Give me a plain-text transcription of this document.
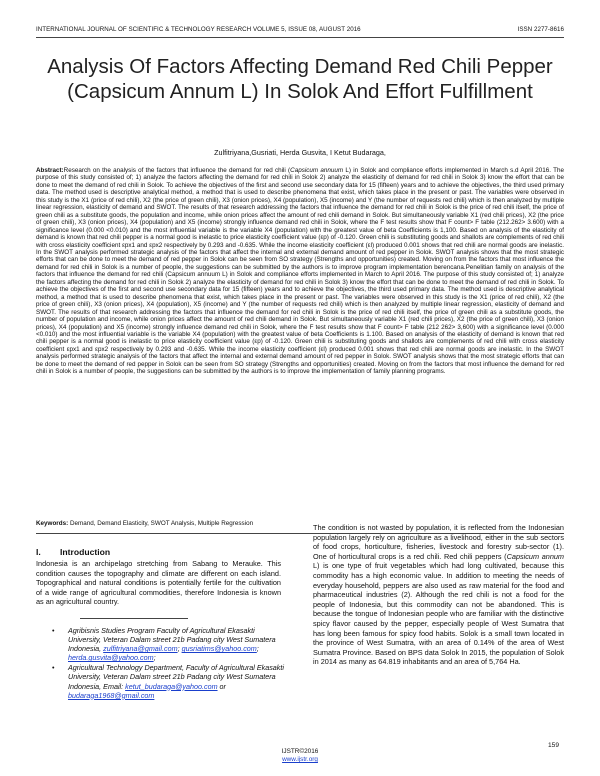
INTERNATIONAL JOURNAL OF SCIENTIFIC & TECHNOLOGY RESEARCH VOLUME 5, ISSUE 08, AUGUST 2016	ISSN 2277-8616
Analysis Of Factors Affecting Demand Red Chili Pepper (Capsicum Annum L) In Solok And Effort Fulfillment
Zulfitriyana,Gusriati, Herda Gusvita, I Ketut Budaraga,

Abstract:Research on the analysis of the factors that influence the demand for red chili (Capsicum annuum L) in Solok and compliance efforts implemented in March s.d April 2016. The purpose of this study consisted of; 1) analyze the factors affecting the demand for red chili in Solok 2) analyze the elasticity of demand for red chili in Solok 3) know the effort that can be done to meet the demand of red chili in Solok. To achieve the objectives of the first and second use secondary data for 15 (fifteen) years and to achieve the objectives, the third used primary data. The method used is descriptive analytical method, a method that is used to describe phenomena that exist, which takes place in the present or past. The variables were observed in this study is the X1 (price of red chili), X2 (the price of green chili), X3 (onion prices), X4 (population), X5 (income) and Y (the number of requests red chili) which is then analyzed by multiple linear regression, elasticity of demand and SWOT. The results of that research addressing the factors that influence the demand for red chili in Solok is the price of red chili itself, the price of green chili as a substitute goods, the population and income, while onion prices affect the amount of red chili demand in Solok. But simultaneously variable X1 (red chili prices), X2 (the price of green chili), X3 (onion prices), X4 (population) and X5 (income) strongly influence demand red chili in Solok, where the F test results show that F count> F table (212.262> 3.600) with a significance level (0.000 <0.010) and the most influential variable is the variable X4 (population) with the greatest value of beta Coefficients is 1,100. Based on analysis of the elasticity of demand is known that red chili pepper is a normal good is inelastic to price elasticity coefficient value (εp) of -0.120. Green chili is substituting goods and shallots are complements of red chili with cross elasticity coefficient εpx1 and εpx2 respectively by 0.293 and -0.635. While the income elasticity coefficient (εl) produced 0.001 shows that red chili are normal goods are inelastic. In the SWOT analysis performed strategic analysis of the factors that affect the internal and external demand amount of red pepper in Solok. SWOT analysis shows that the most strategic efforts that can be done to meet the demand of red pepper in Solok can be seen from SO strategy (Strengths and opportunities) created. Moving on from the factors that most influence the demand for red chili in Solok is a number of people, the suggestions can be submitted by the authors is to improve program implementation berencana.Penelitian family on analysis of the factors that influence the demand for red chili (Capsicum annuum L) in Solok and compliance efforts implemented in March to April 2016. The purpose of this study consisted of; 1) analyze the factors affecting the demand for red chili in Solok 2) analyze the elasticity of demand for red chili in Solok 3) know the effort that can be done to meet the demand of red chili in Solok. To achieve the objectives of the first and second use secondary data for 15 (fifteen) years and to achieve the objectives, the third used primary data. The method used is descriptive analytical method, a method that is used to describe phenomena that exist, which takes place in the present or past. The variables were observed in this study is the X1 (price of red chili), X2 (the price of green chili), X3 (onion prices), X4 (population), X5 (income) and Y (the number of requests red chili) which is then analyzed by multiple linear regression, elasticity of demand and SWOT. The results of that research addressing the factors that influence the demand for red chili in Solok is the price of red chili itself, the price of green chili as a substitute goods, the number of population and income, while onion prices affect the amount of red chili demand in Solok. But simultaneously variable X1 (red chili prices), X2 (the price of green chili), X3 (onion prices), X4 (population) and X5 (income) strongly influence demand red chili in Solok, where the F test results show that F count> F table (212 262> 3,600) with a significance level (0.000 <0.010) and the most influential variable is the variable X4 (population) with the greatest value of beta Coefficients is 1.100. Based on analysis of the elasticity of demand is known that red chili pepper is a normal good is inelastic to price elasticity coefficient value (εp) of -0.120. Green chili is substituting goods and shallots are complements of red chili with cross elasticity coefficient εpx1 and εpx2 respectively by 0.293 and -0.635. While the income elasticity coefficient (εl) produced 0.001 shows that red chili are normal goods are inelastic. In the SWOT analysis performed strategic analysis of the factors that affect the internal and external demand amount of red pepper in Solok. SWOT analysis shows that the most strategic efforts that can be done to meet the demand of red pepper in Solok can be seen from SO strategy (Strengths and opportunities) created. Moving on from the factors that most influence the demand for red chili in Solok is a number of people, the suggestions can be submitted by the authors is to improve the implementation of family planning programs.

Keywords: Demand, Demand Elasticity, SWOT Analysis, Multiple Regression
I. Introduction

Indonesia is an archipelago stretching from Sabang to Merauke. This condition causes the topography and climate are different on each island. Topographical and natural conditions is potentially fertile for the cultivation of a wide range of agricultural commodities, therefore Indonesia is known as an agricultural country.

• Agribisnis Studies Program Faculty of Agricultural Ekasakti University, Veteran Dalam street 21b Padang city West Sumatera Indonesia, zulfitriyana@gmail.com; gusriatims@yahoo.com; herda.gusvita@yahoo.com;
• Agricultural Technology Department, Faculty of Agricultural Ekasakti University, Veteran Dalam street 21b Padang city West Sumatera Indonesia, Email: ketut_budaraga@yahoo.com or budaraga1968@gmail.com

The condition is not wasted by population, it is reflected from the Indonesian population largely rely on agriculture as a livelihood, either in the sub sectors of food crops, horticulture, fisheries, livestock and forestry sub-sector (1). One of horticultural crops is a red chili. Red chili peppers (Capsicum annum L) is one type of fruit vegetables which had long cultivated, because this commodity has a high economic value. In addition to meeting the needs of everyday household, peppers are also used as raw material for the food and pharmaceutical industries (2). Although the red chili is not a food for the people of Indonesia, but this commodity can not be abandoned. This is because the tongue of Indonesian people who are familiar with the distinctive spicy flavor caused by the pepper, especially people of West Sumatra that has long been famous for spicy food habits. Solok is a small town located in the province of West Sumatra, with an area of 0.14% of the area of West Sumatra Province. Based on BPS data Solok In 2015, the population of Solok in 2014 as many as 64.819 inhabitants and an area of 5,764 Ha.

159
IJSTR©2016
www.ijstr.org
